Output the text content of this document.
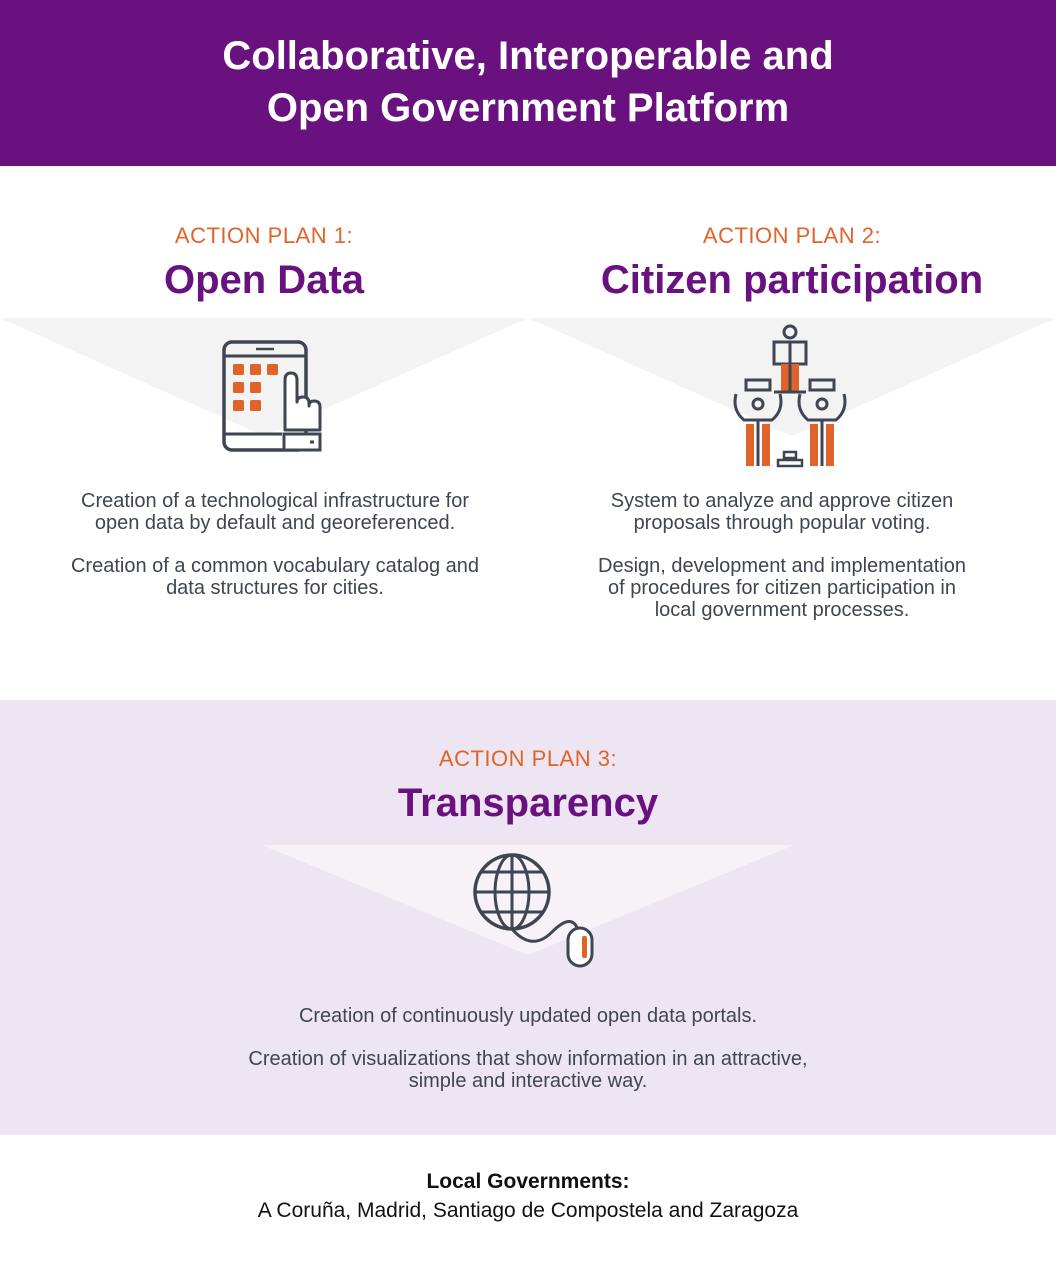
Collaborative, Interoperable and Open Government Platform
ACTION PLAN 1:
Open Data

Creation of a technological infrastructure for open data by default and georeferenced.

Creation of a common vocabulary catalog and data structures for cities.

ACTION PLAN 2:
Citizen participation

System to analyze and approve citizen proposals through popular voting.

Design, development and implementation of procedures for citizen participation in local government processes.

ACTION PLAN 3:
Transparency

Creation of continuously updated open data portals.

Creation of visualizations that show information in an attractive, simple and interactive way.

Local Governments:
A Coruña, Madrid, Santiago de Compostela and Zaragoza
